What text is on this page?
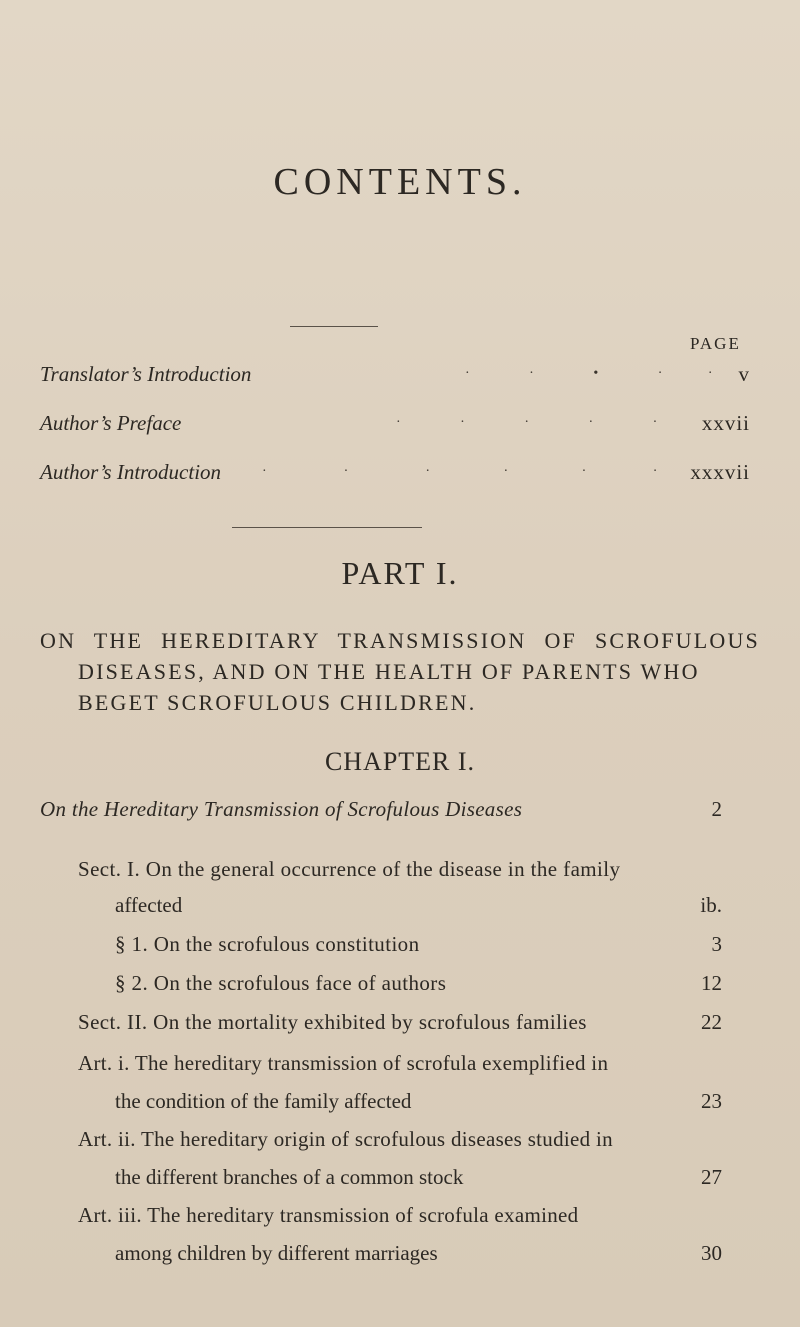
CONTENTS.
PAGE
Translator’s Introduction	·                 ·                 •                 ·             · v
Author’s Preface	·                 ·                 ·                 ·                 · xxvii
Author’s Introduction	·                      ·                      ·                     ·                     ·                   · xxxvii
PART I.
ON THE HEREDITARY TRANSMISSION OF SCROFULOUS
DISEASES, AND ON THE HEALTH OF PARENTS WHO
BEGET SCROFULOUS CHILDREN.
CHAPTER I.
On the Hereditary Transmission of Scrofulous Diseases	2
Sect. I. On the general occurrence of the disease in the family
affected	ib.
§ 1. On the scrofulous constitution	3
§ 2. On the scrofulous face of authors	12
Sect. II. On the mortality exhibited by scrofulous families	22
Art. i. The hereditary transmission of scrofula exemplified in
the condition of the family affected	23
Art. ii. The hereditary origin of scrofulous diseases studied in
the different branches of a common stock	27
Art. iii. The hereditary transmission of scrofula examined
among children by different marriages	30
